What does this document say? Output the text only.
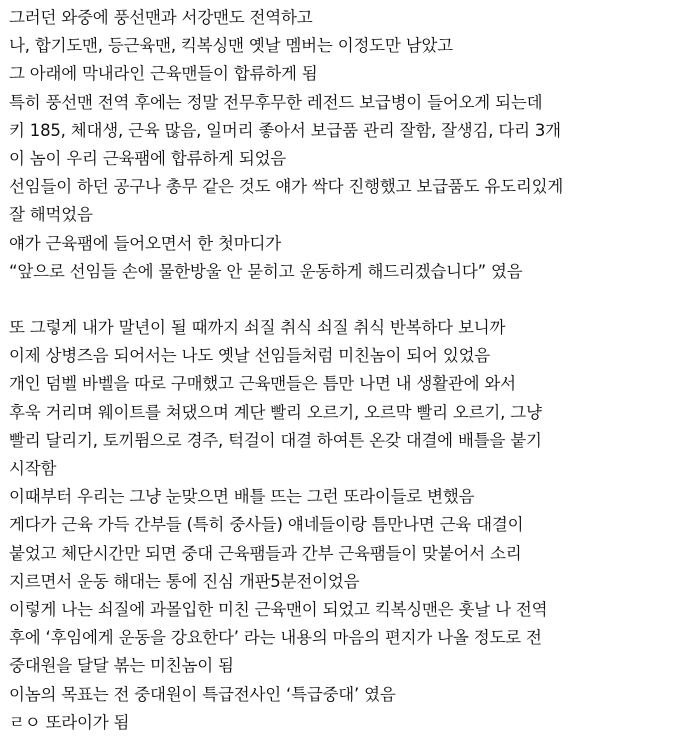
그러던 와중에 풍선맨과 서강맨도 전역하고
나, 합기도맨, 등근육맨, 킥복싱맨 옛날 멤버는 이정도만 남았고
그 아래에 막내라인 근육맨들이 합류하게 됨
특히 풍선맨 전역 후에는 정말 전무후무한 레전드 보급병이 들어오게 되는데
키 185, 체대생, 근육 많음, 일머리 좋아서 보급품 관리 잘함, 잘생김, 다리 3개
이 놈이 우리 근육팸에 합류하게 되었음
선임들이 하던 공구나 총무 같은 것도 얘가 싹다 진행했고 보급품도 유도리있게
잘 해먹었음
얘가 근육팸에 들어오면서 한 첫마디가
“앞으로 선임들 손에 물한방울 안 묻히고 운동하게 해드리겠습니다” 였음
또 그렇게 내가 말년이 될 때까지 쇠질 취식 쇠질 취식 반복하다 보니까
이제 상병즈음 되어서는 나도 옛날 선임들처럼 미친놈이 되어 있었음
개인 덤벨 바벨을 따로 구매했고 근육맨들은 틈만 나면 내 생활관에 와서
후욱 거리며 웨이트를 쳐댔으며 계단 빨리 오르기, 오르막 빨리 오르기, 그냥
빨리 달리기, 토끼뜀으로 경주, 턱걸이 대결 하여튼 온갖 대결에 배틀을 붙기
시작함
이때부터 우리는 그냥 눈맞으면 배틀 뜨는 그런 또라이들로 변했음
게다가 근육 가득 간부들 (특히 중사들) 얘네들이랑 틈만나면 근육 대결이
붙었고 체단시간만 되면 중대 근육팸들과 간부 근육팸들이 맞붙어서 소리
지르면서 운동 해대는 통에 진심 개판5분전이었음
이렇게 나는 쇠질에 과몰입한 미친 근육맨이 되었고 킥복싱맨은 훗날 나 전역
후에 ‘후임에게 운동을 강요한다’ 라는 내용의 마음의 편지가 나올 정도로 전
중대원을 달달 볶는 미친놈이 됨
이놈의 목표는 전 중대원이 특급전사인 ‘특급중대’ 였음
ㄹㅇ 또라이가 됨
